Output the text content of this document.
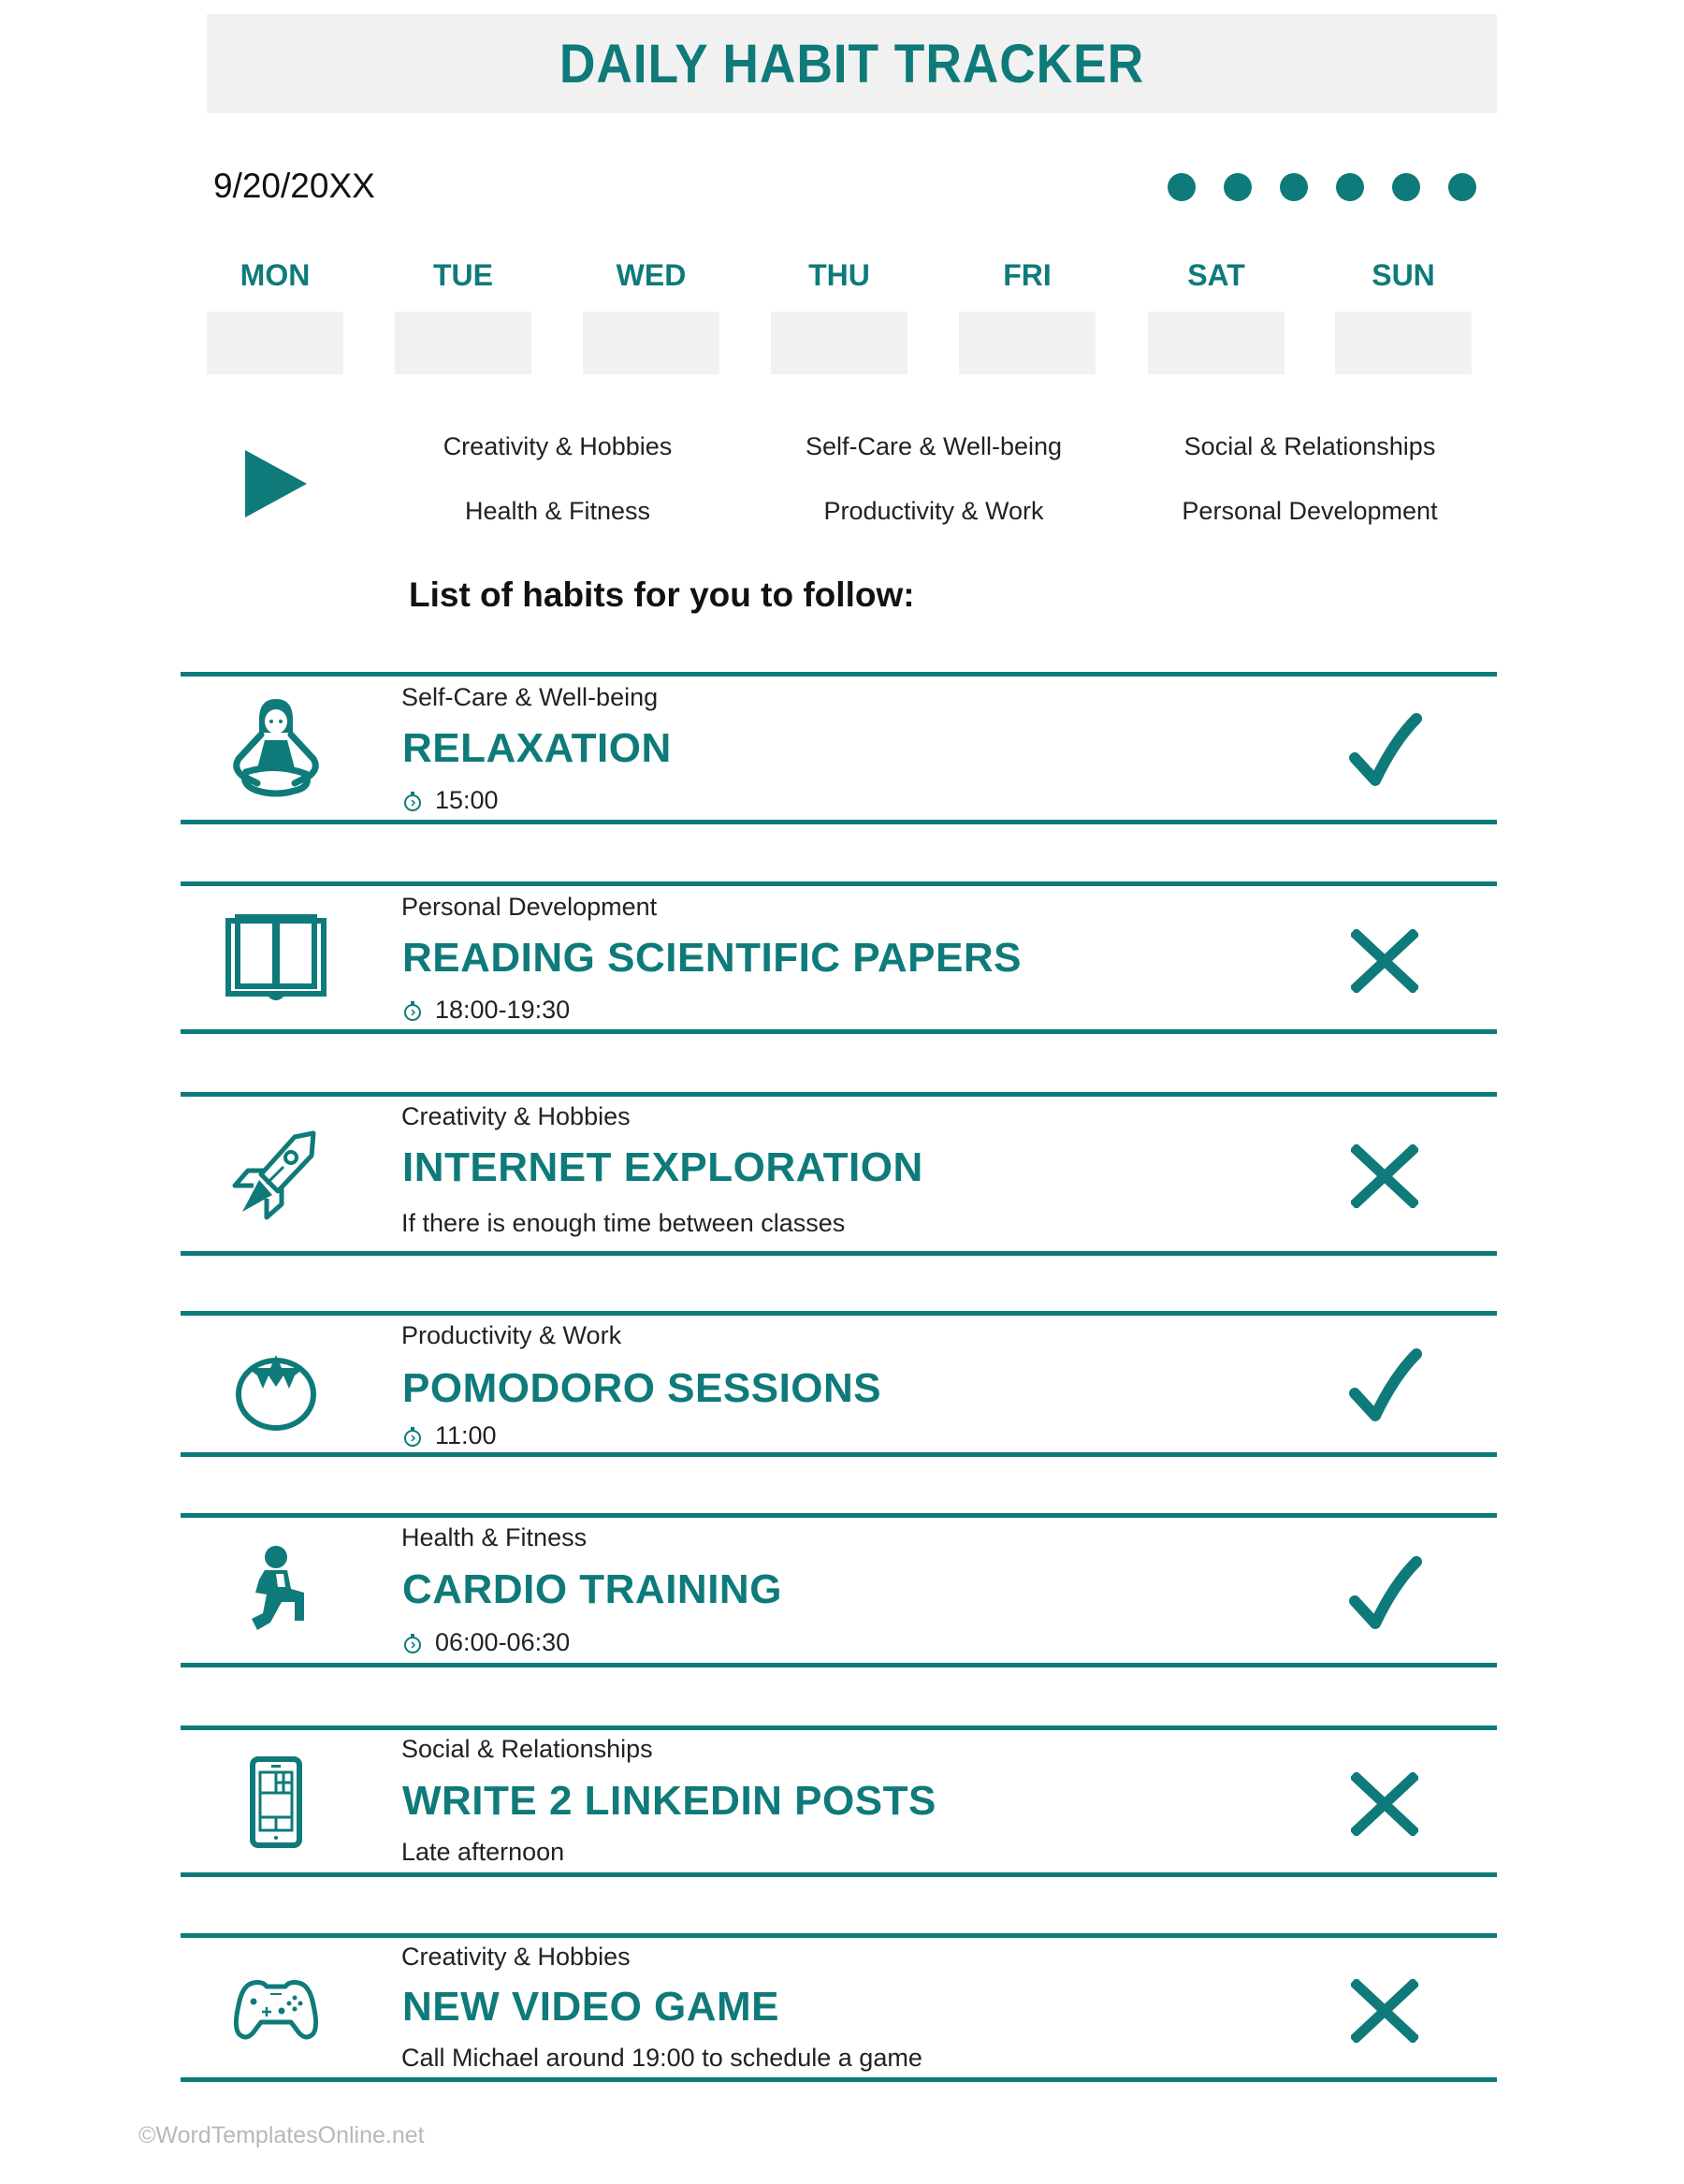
DAILY HABIT TRACKER
9/20/20XX
MON	TUE	WED	THU	FRI	SAT	SUN
Creativity & Hobbies	Self-Care & Well-being	Social & Relationships
Health & Fitness	Productivity & Work	Personal Development
List of habits for you to follow:
Self-Care & Well-being
RELAXATION
15:00
Personal Development
READING SCIENTIFIC PAPERS
18:00-19:30
Creativity & Hobbies
INTERNET EXPLORATION
If there is enough time between classes
Productivity & Work
POMODORO SESSIONS
11:00
Health & Fitness
CARDIO TRAINING
06:00-06:30
Social & Relationships
WRITE 2 LINKEDIN POSTS
Late afternoon
Creativity & Hobbies
NEW VIDEO GAME
Call Michael around 19:00 to schedule a game
©WordTemplatesOnline.net
